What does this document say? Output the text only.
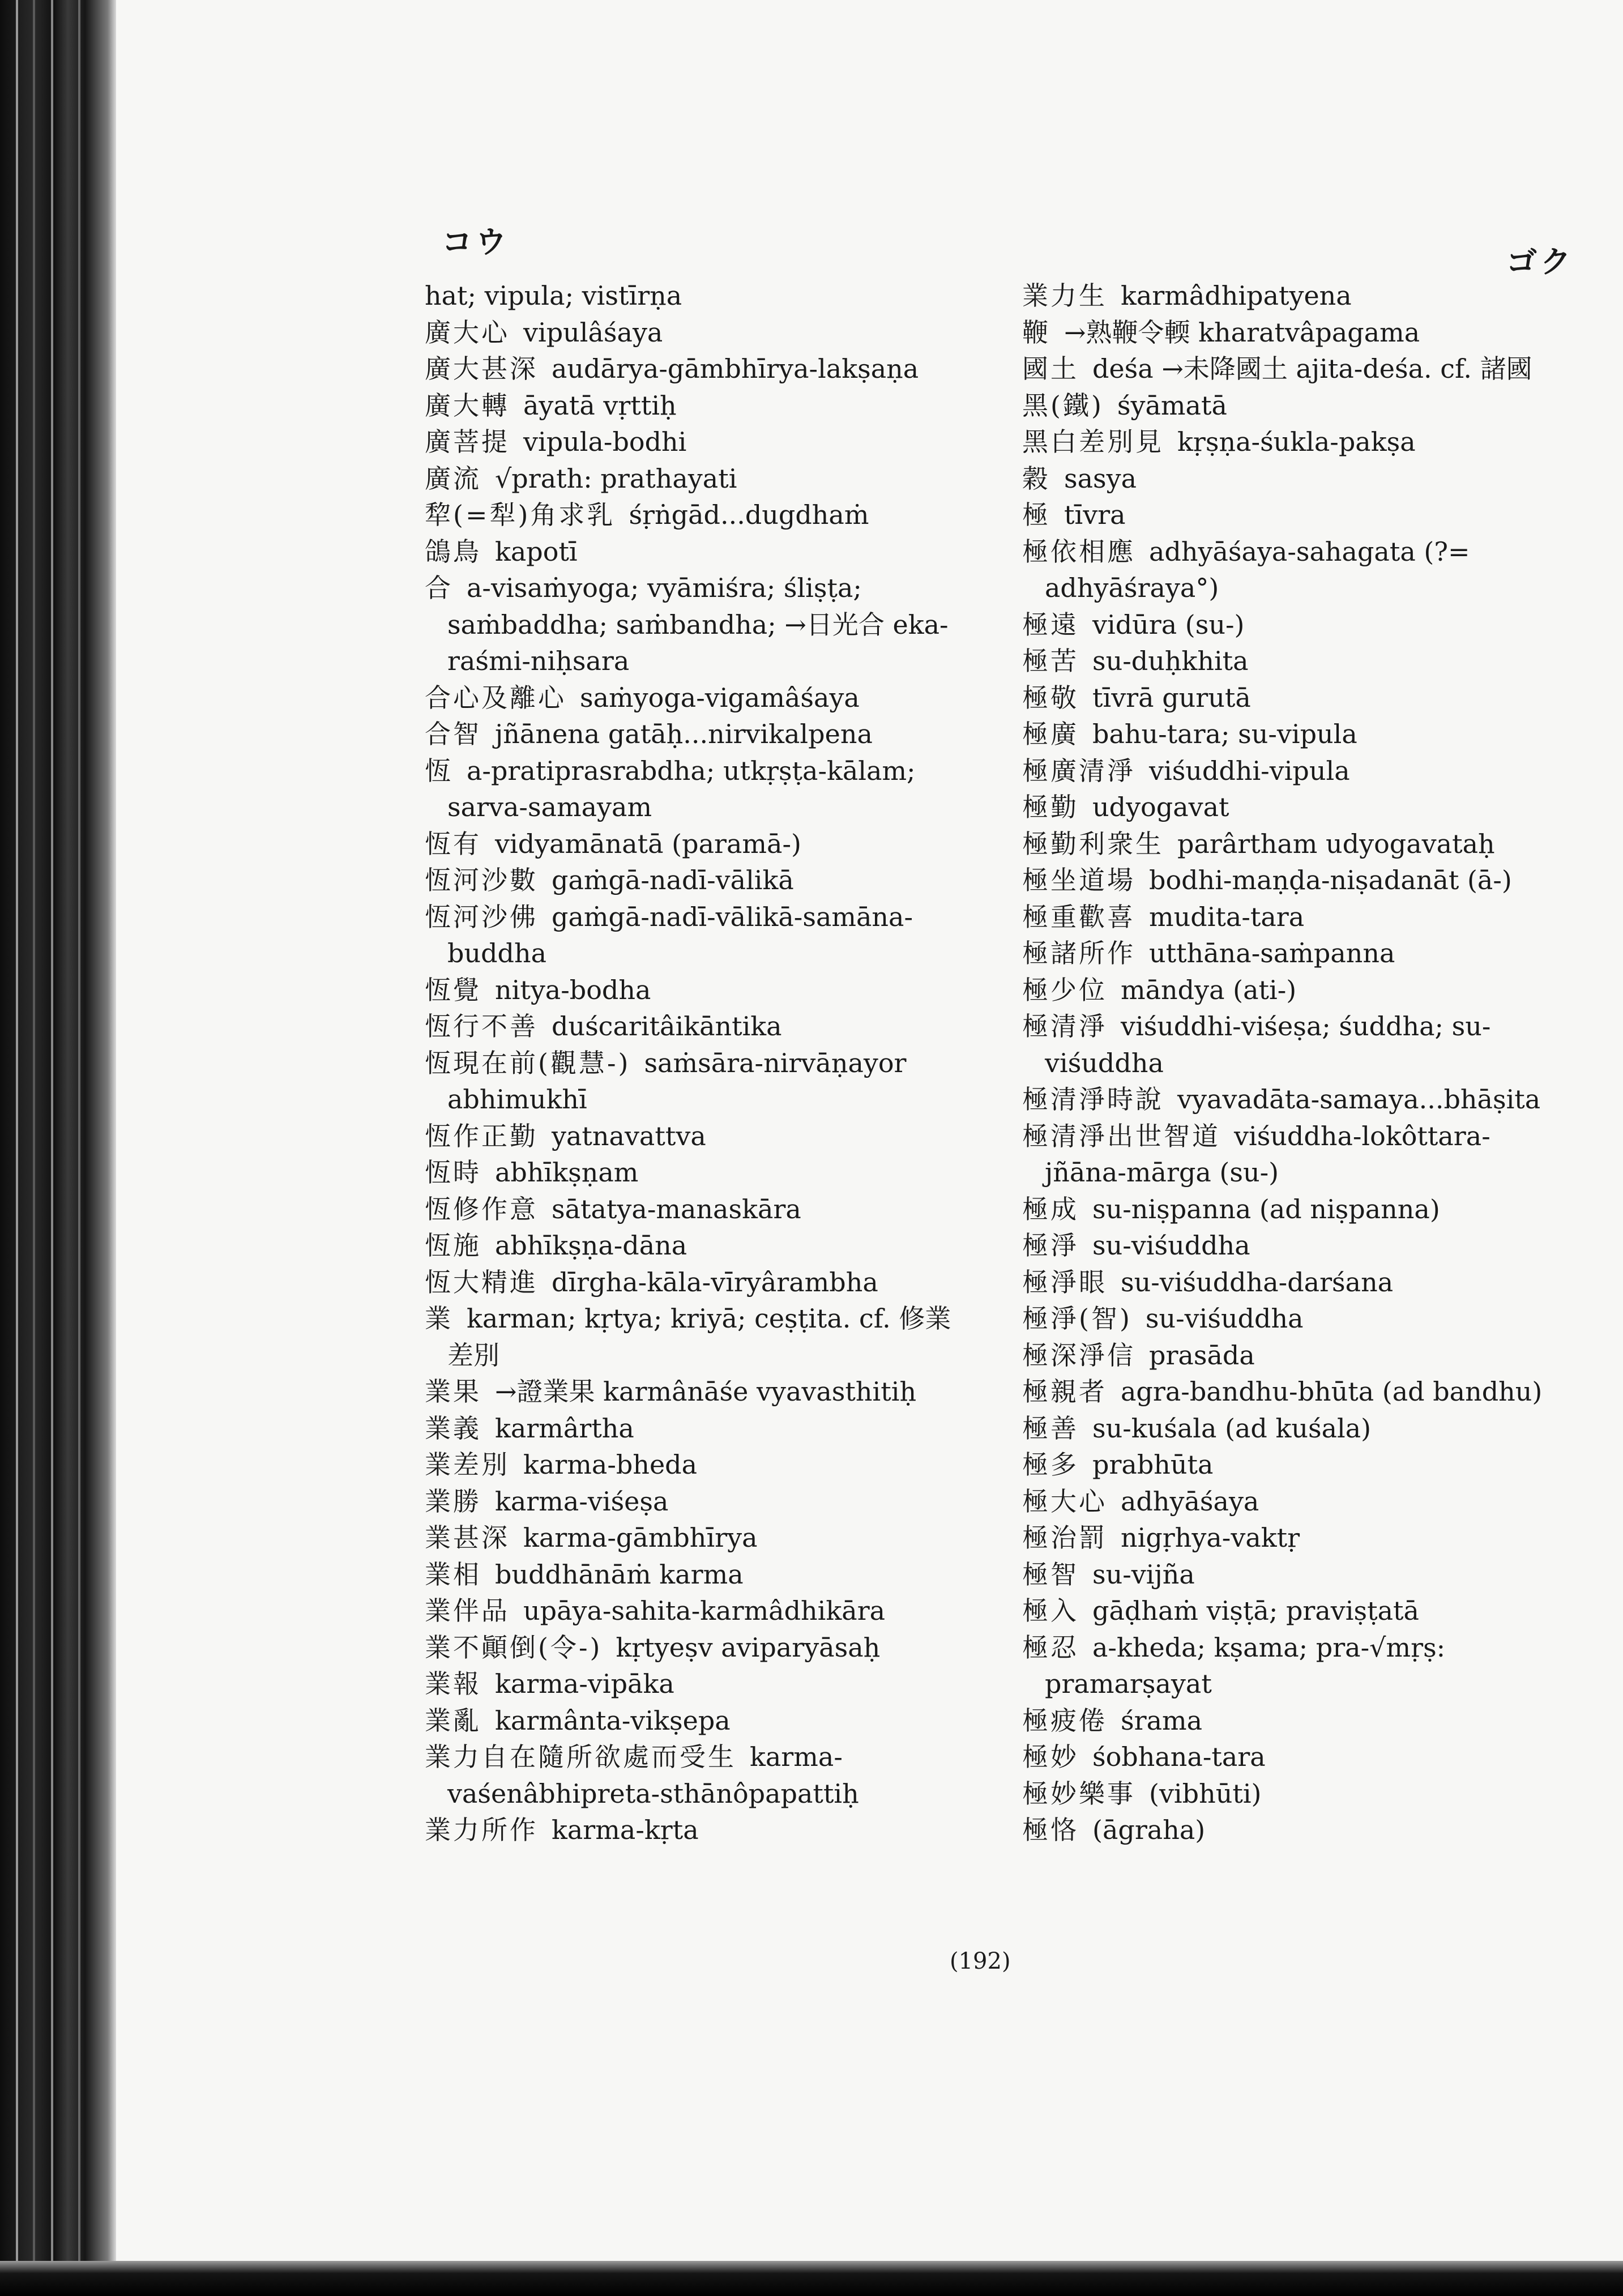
コウ
ゴク

hat; vipula; vistīrṇa

廣大心 vipulâśaya

廣大甚深 audārya-gāmbhīrya-lakṣaṇa

廣大轉 āyatā vṛttiḥ

廣菩提 vipula-bodhi

廣流 √prath: prathayati

犂(=犁)角求乳 śṛṅgād...dugdhaṁ

鴿鳥 kapotī

合 a-visaṁyoga; vyāmiśra; śliṣṭa; saṁbaddha; saṁbandha; →日光合 eka-raśmi-niḥsara

合心及離心 saṁyoga-vigamâśaya

合智 jñānena gatāḥ...nirvikalpena

恆 a-pratiprasrabdha; utkṛṣṭa-kālam; sarva-samayam

恆有 vidyamānatā (paramā-)

恆河沙數 gaṁgā-nadī-vālikā

恆河沙佛 gaṁgā-nadī-vālikā-samāna-buddha

恆覺 nitya-bodha

恆行不善 duścaritâikāntika

恆現在前(觀慧-) saṁsāra-nirvāṇayor abhimukhī

恆作正勤 yatnavattva

恆時 abhīkṣṇam

恆修作意 sātatya-manaskāra

恆施 abhīkṣṇa-dāna

恆大精進 dīrgha-kāla-vīryârambha

業 karman; kṛtya; kriyā; ceṣṭita. cf. 修業差別

業果 →證業果 karmânāśe vyavasthitiḥ

業義 karmârtha

業差別 karma-bheda

業勝 karma-viśeṣa

業甚深 karma-gāmbhīrya

業相 buddhānāṁ karma

業伴品 upāya-sahita-karmâdhikāra

業不顚倒(令-) kṛtyeṣv aviparyāsaḥ

業報 karma-vipāka

業亂 karmânta-vikṣepa

業力自在隨所欲處而受生 karma-vaśenâbhipreta-sthānôpapattiḥ

業力所作 karma-kṛta

業力生 karmâdhipatyena

鞭 →熟鞭令輭 kharatvâpagama

國土 deśa →未降國土 ajita-deśa. cf. 諸國

黑(鐵) śyāmatā

黑白差別見 kṛṣṇa-śukla-pakṣa

穀 sasya

極 tīvra

極依相應 adhyāśaya-sahagata (?= adhyāśraya°)

極遠 vidūra (su-)

極苦 su-duḥkhita

極敬 tīvrā gurutā

極廣 bahu-tara; su-vipula

極廣清淨 viśuddhi-vipula

極勤 udyogavat

極勤利衆生 parârtham udyogavataḥ

極坐道場 bodhi-maṇḍa-niṣadanāt (ā-)

極重歡喜 mudita-tara

極諸所作 utthāna-saṁpanna

極少位 māndya (ati-)

極清淨 viśuddhi-viśeṣa; śuddha; su-viśuddha

極清淨時說 vyavadāta-samaya...bhāṣita

極清淨出世智道 viśuddha-lokôttara-jñāna-mārga (su-)

極成 su-niṣpanna (ad niṣpanna)

極淨 su-viśuddha

極淨眼 su-viśuddha-darśana

極淨(智) su-viśuddha

極深淨信 prasāda

極親者 agra-bandhu-bhūta (ad bandhu)

極善 su-kuśala (ad kuśala)

極多 prabhūta

極大心 adhyāśaya

極治罰 nigṛhya-vaktṛ

極智 su-vijña

極入 gāḍhaṁ viṣṭā; praviṣṭatā

極忍 a-kheda; kṣama; pra-√mṛṣ: pramarṣayat

極疲倦 śrama

極妙 śobhana-tara

極妙樂事 (vibhūti)

極恪 (āgraha)

(192)
